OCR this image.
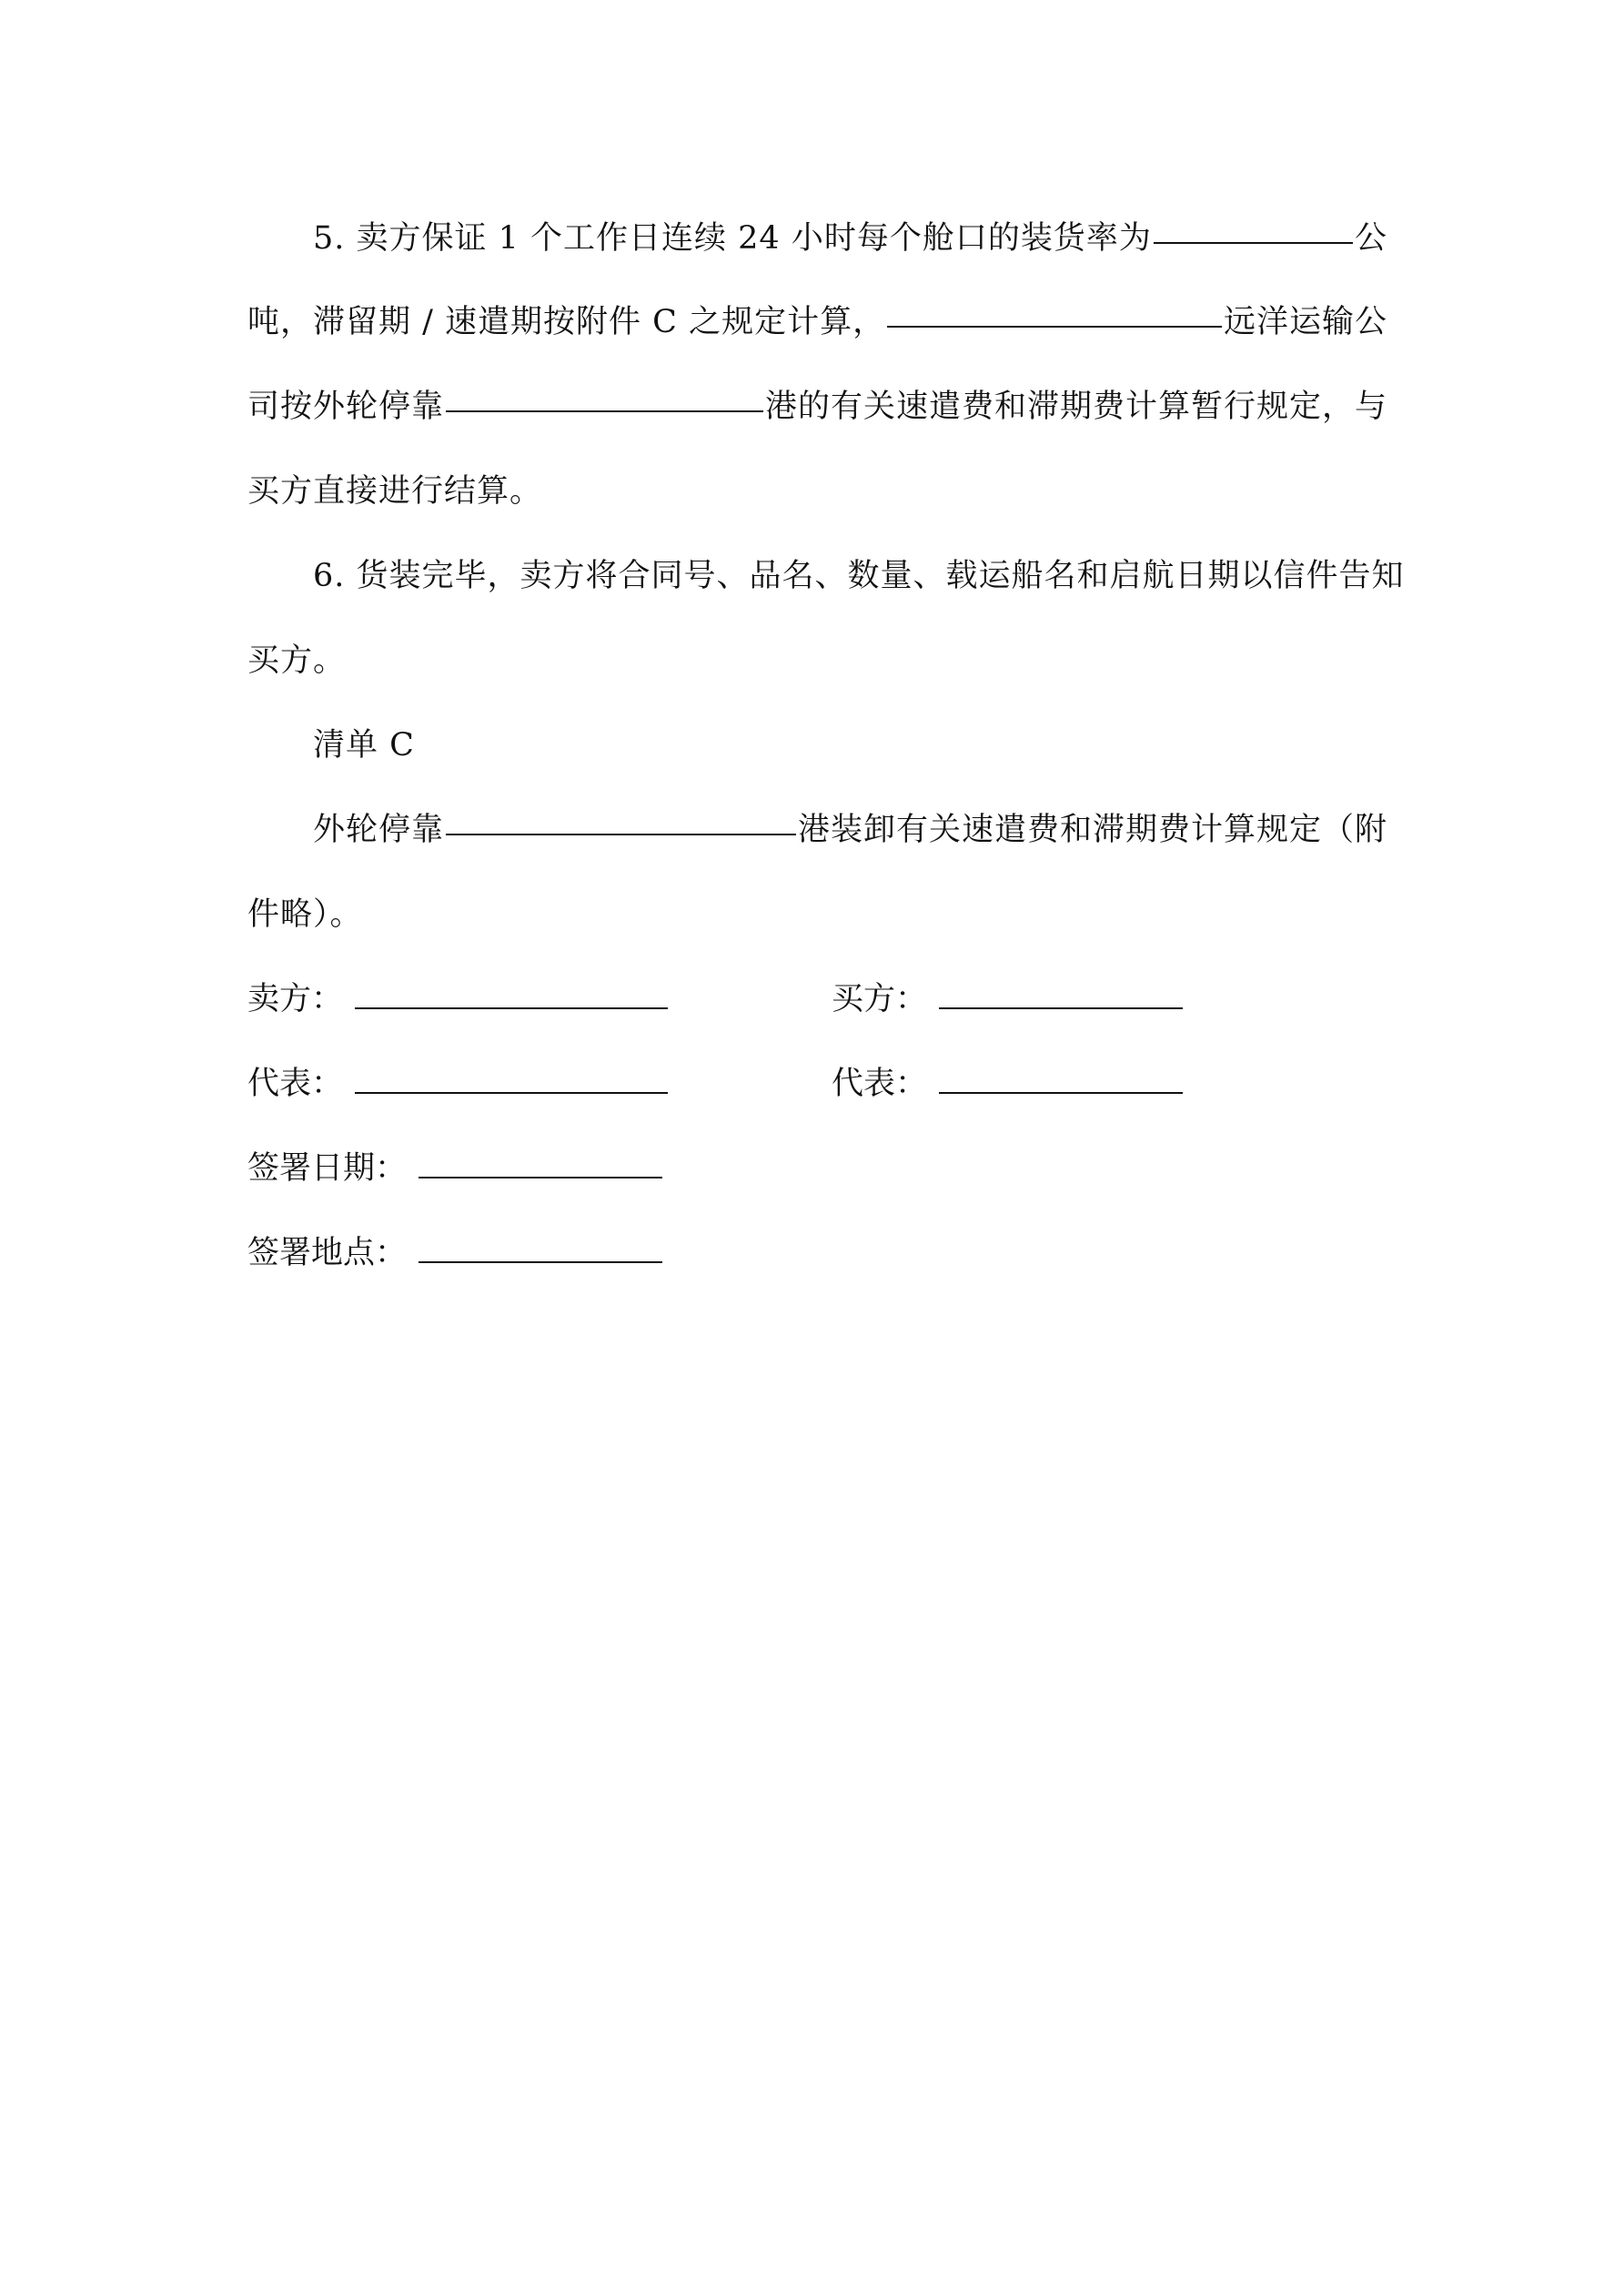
5. 卖方保证 1 个工作日连续 24 小时每个舱口的装货率为	公
吨，滞留期 / 速遣期按附件 C 之规定计算，	远洋运输公
司按外轮停靠	港的有关速遣费和滞期费计算暂行规定，与
买方直接进行结算。
6. 货装完毕，卖方将合同号、品名、数量、载运船名和启航日期以信件告知
买方。
清单 C
外轮停靠	港装卸有关速遣费和滞期费计算规定（附
件略）。
卖方：	买方：
代表：	代表：
签署日期：
签署地点：
